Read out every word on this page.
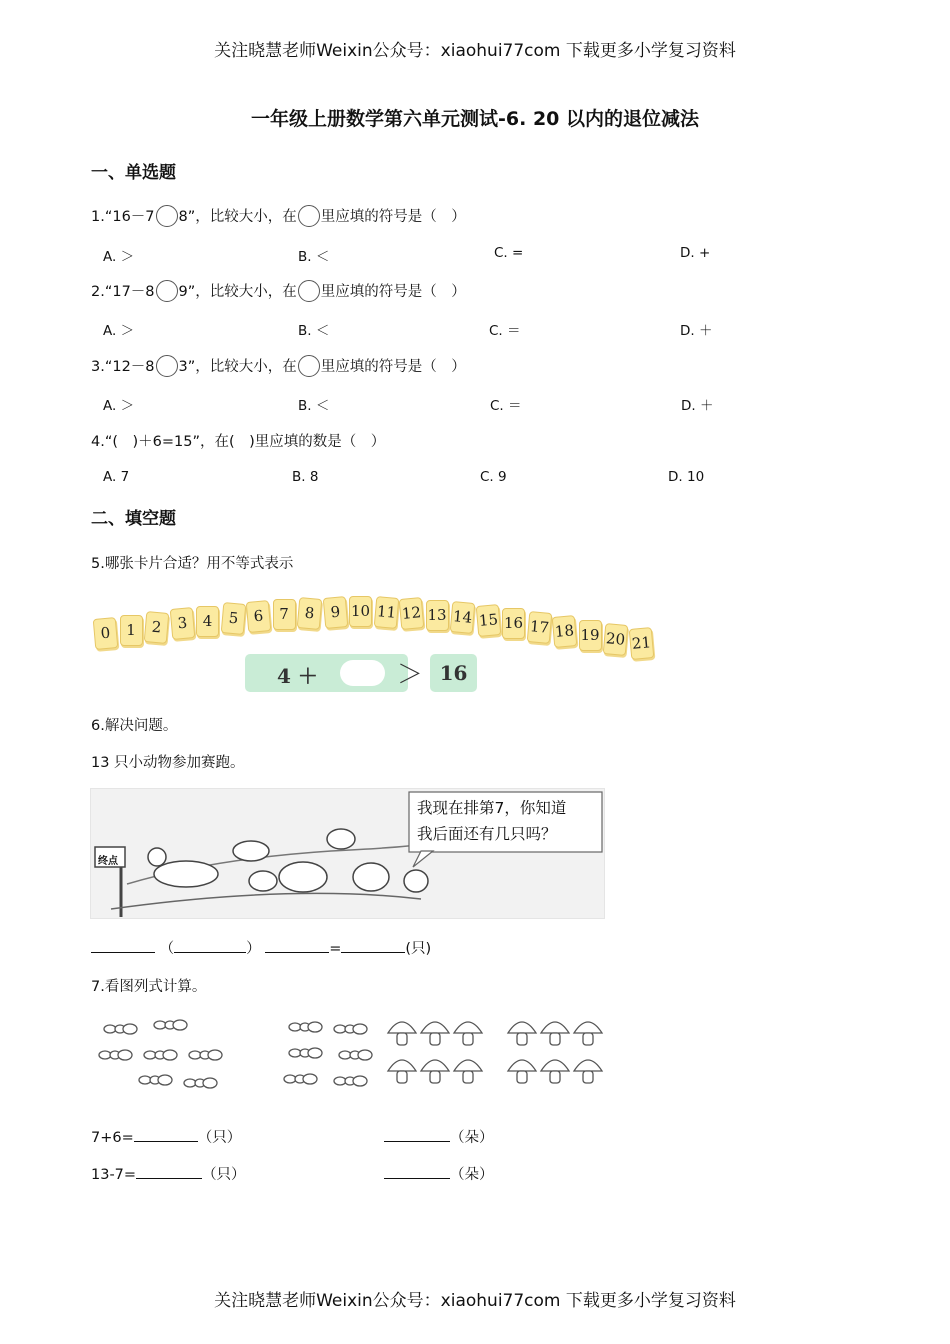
关注晓慧老师Weixin公众号：xiaohui77com 下载更多小学复习资料
一年级上册数学第六单元测试-6. 20 以内的退位减法
一、单选题
1.“16－7 8”，比较大小，在 里应填的符号是（　）
A. ＞	B. ＜	C. =	D. +
2.“17－8 9”，比较大小，在 里应填的符号是（　）
A. ＞	B. ＜	C. ＝	D. ＋
3.“12－8 3”，比较大小，在 里应填的符号是（　）
A. ＞	B. ＜	C. ＝	D. ＋
4.“(　)＋6=15”，在(　)里应填的数是（　）
A. 7	B. 8	C. 9	D. 10
二、填空题
5.哪张卡片合适？用不等式表示
0	1	2 3	4	5 6	7	8 9 10 11 12 13 14 15 16 17 18 19 20 21
4 ＋	＞ 16
6.解决问题。
13 只小动物参加赛跑。
终点
我现在排第7，你知道
我后面还有几只吗？
（	）	=	(只)
7.看图列式计算。
7+6=	（只）	（朵）
13-7=	（只）	（朵）
关注晓慧老师Weixin公众号：xiaohui77com 下载更多小学复习资料
